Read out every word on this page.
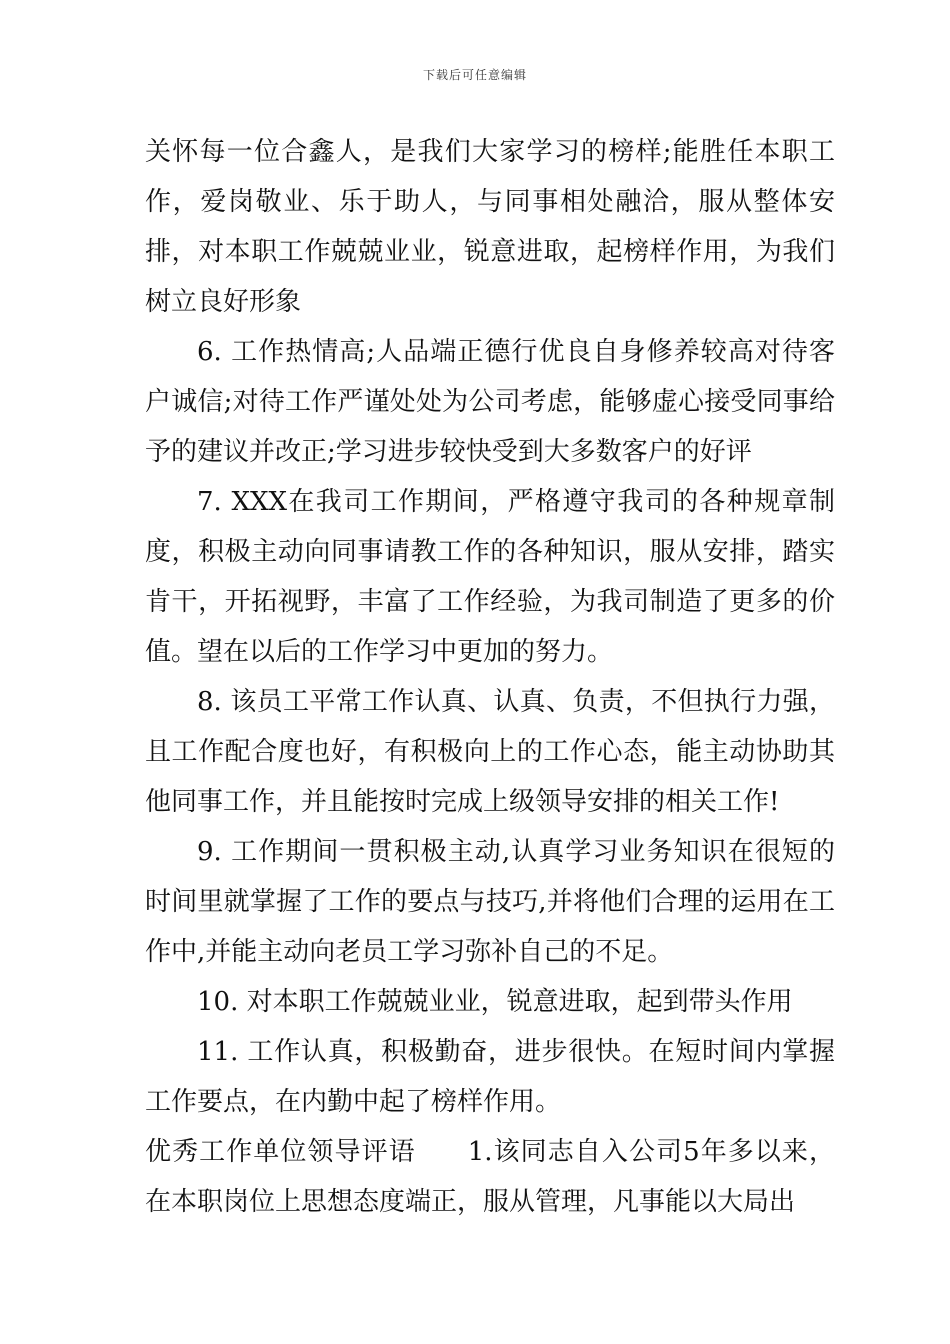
下载后可任意编辑

关怀每一位合鑫人，是我们大家学习的榜样;能胜任本职工作，爱岗敬业、乐于助人，与同事相处融洽，服从整体安排，对本职工作兢兢业业，锐意进取，起榜样作用，为我们树立良好形象

6. 工作热情高;人品端正德行优良自身修养较高对待客户诚信;对待工作严谨处处为公司考虑，能够虚心接受同事给予的建议并改正;学习进步较快受到大多数客户的好评

7. XXX在我司工作期间，严格遵守我司的各种规章制度，积极主动向同事请教工作的各种知识，服从安排，踏实肯干，开拓视野，丰富了工作经验，为我司制造了更多的价值。望在以后的工作学习中更加的努力。

8. 该员工平常工作认真、认真、负责，不但执行力强，且工作配合度也好，有积极向上的工作心态，能主动协助其他同事工作，并且能按时完成上级领导安排的相关工作!

9. 工作期间一贯积极主动,认真学习业务知识在很短的时间里就掌握了工作的要点与技巧,并将他们合理的运用在工作中,并能主动向老员工学习弥补自己的不足。

10. 对本职工作兢兢业业，锐意进取，起到带头作用

11. 工作认真，积极勤奋，进步很快。在短时间内掌握工作要点，在内勤中起了榜样作用。

优秀工作单位领导评语 1.该同志自入公司5年多以来，在本职岗位上思想态度端正，服从管理，凡事能以大局出
